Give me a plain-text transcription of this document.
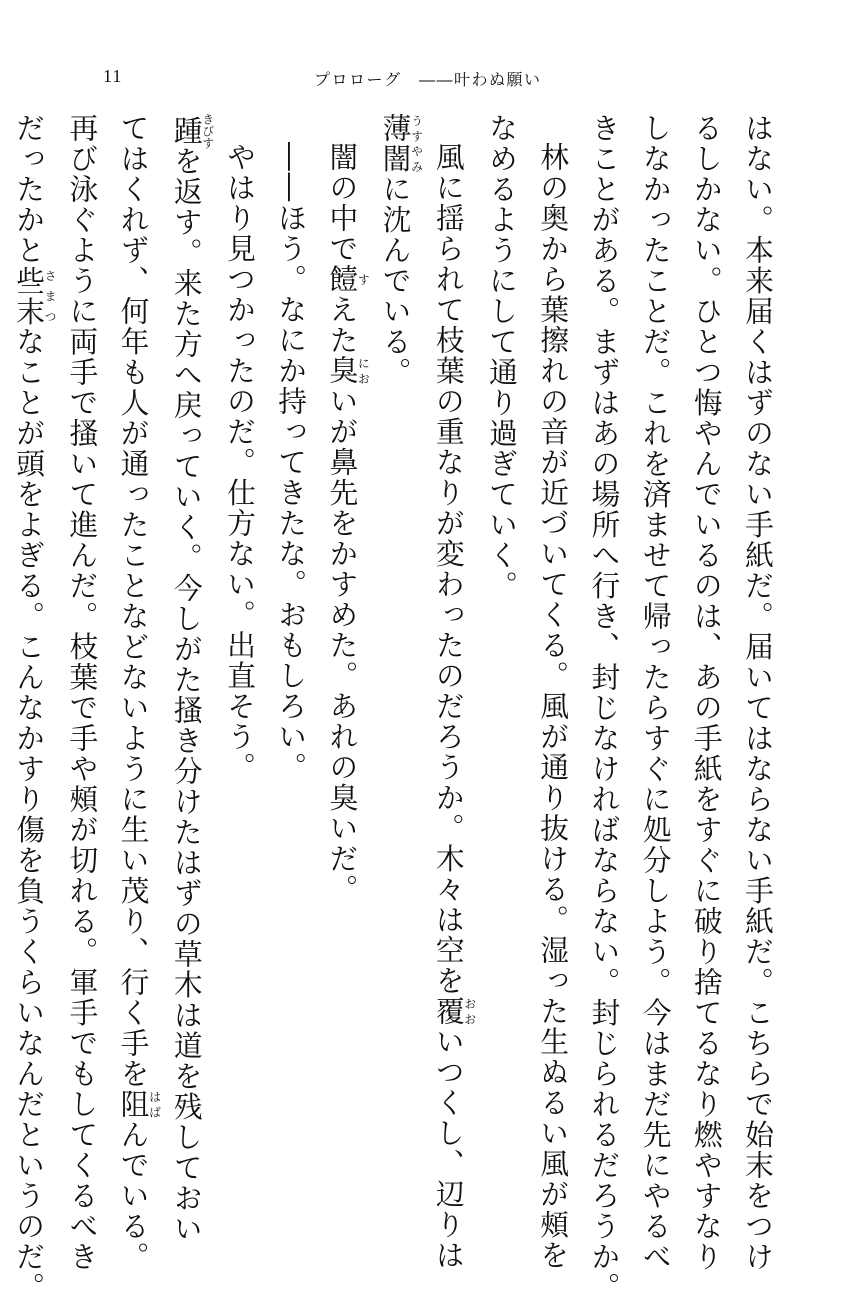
11	プロローグ　――叶わぬ願い
はない。本来届くはずのない手紙だ。届いてはならない手紙だ。こちらで始末をつけ
るしかない。ひとつ悔やんでいるのは、あの手紙をすぐに破り捨てるなり燃やすなり
しなかったことだ。これを済ませて帰ったらすぐに処分しよう。今はまだ先にやるべ
きことがある。まずはあの場所へ行き、封じなければならない。封じられるだろうか。
林の奥から葉擦れの音が近づいてくる。風が通り抜ける。湿った生ぬるい風が頰を
なめるようにして通り過ぎていく。
風に揺られて枝葉の重なりが変わったのだろうか。木々は空を覆おおいつくし、辺りは
薄闇うすやみに沈んでいる。
闇の中で饐すえた臭においが鼻先をかすめた。あれの臭いだ。
――ほう。なにか持ってきたな。おもしろい。
やはり見つかったのだ。仕方ない。出直そう。
踵きびすを返す。来た方へ戻っていく。今しがた搔き分けたはずの草木は道を残しておい
てはくれず、何年も人が通ったことなどないように生い茂り、行く手を阻はばんでいる。
再び泳ぐように両手で搔いて進んだ。枝葉で手や頰が切れる。軍手でもしてくるべき
だったかと些末さまつなことが頭をよぎる。こんなかすり傷を負うくらいなんだというのだ。
